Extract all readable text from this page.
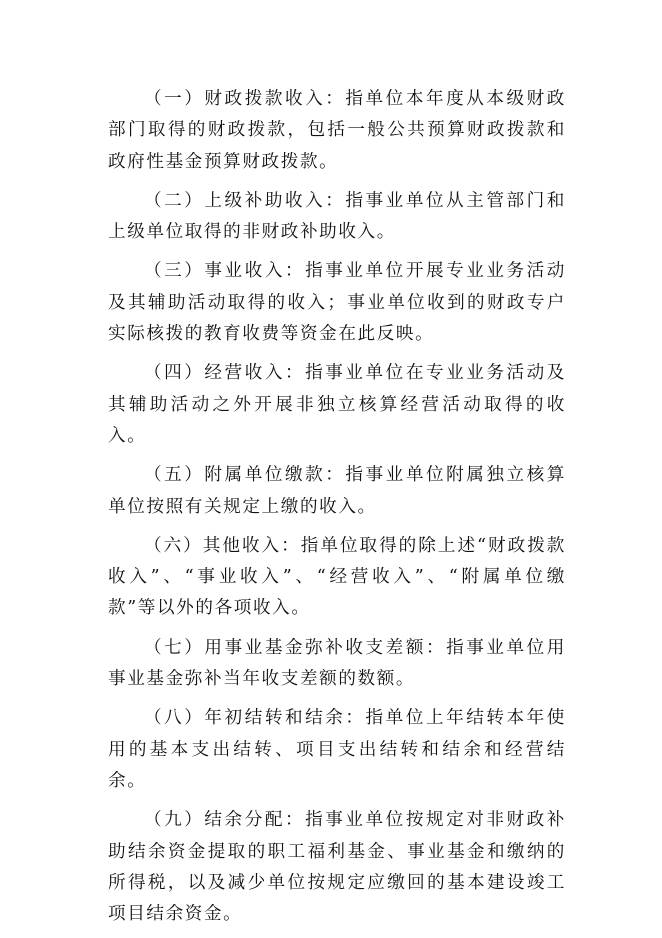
（一）财政拨款收入：指单位本年度从本级财政部门取得的财政拨款，包括一般公共预算财政拨款和政府性基金预算财政拨款。

（二）上级补助收入：指事业单位从主管部门和上级单位取得的非财政补助收入。

（三）事业收入：指事业单位开展专业业务活动及其辅助活动取得的收入；事业单位收到的财政专户实际核拨的教育收费等资金在此反映。

（四）经营收入：指事业单位在专业业务活动及其辅助活动之外开展非独立核算经营活动取得的收入。

（五）附属单位缴款：指事业单位附属独立核算单位按照有关规定上缴的收入。

（六）其他收入：指单位取得的除上述“财政拨款收入”、“事业收入”、“经营收入”、“附属单位缴款”等以外的各项收入。

（七）用事业基金弥补收支差额：指事业单位用事业基金弥补当年收支差额的数额。

（八）年初结转和结余：指单位上年结转本年使用的基本支出结转、项目支出结转和结余和经营结余。

（九）结余分配：指事业单位按规定对非财政补助结余资金提取的职工福利基金、事业基金和缴纳的所得税，以及减少单位按规定应缴回的基本建设竣工项目结余资金。
